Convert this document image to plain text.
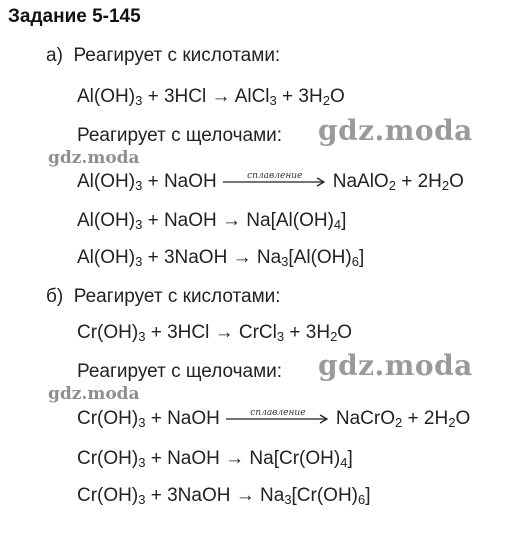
Задание 5-145
а) Реагирует с кислотами:
$Al(OH)_3 + 3HCl$ → AlCl$_3$ + $3H_2O$
Реагирует с щелочами:
$Al(OH)_3$ + NaOH	сплавление	NaAlO$_2$ + $2H_2O$
$Al(OH)_3$ + NaOH → $Na[Al(OH)_4]$
$Al(OH)_3$ + 3NaOH → $Na_3[Al(OH)_6]$
б) Реагирует с кислотами:
$Cr(OH)_3 + 3HCl$ → CrCl$_3$ + $3H_2O$
Реагирует с щелочами:
$Cr(OH)_3$ + NaOH	сплавление	NaCrO$_2$ + $2H_2O$
$Cr(OH)_3$ + NaOH → $Na[Cr(OH)_4]$
$Cr(OH)_3$ + 3NaOH → $Na_3[Cr(OH)_6]$
gdz.moda
gdz.moda
gdz.moda
gdz.moda
